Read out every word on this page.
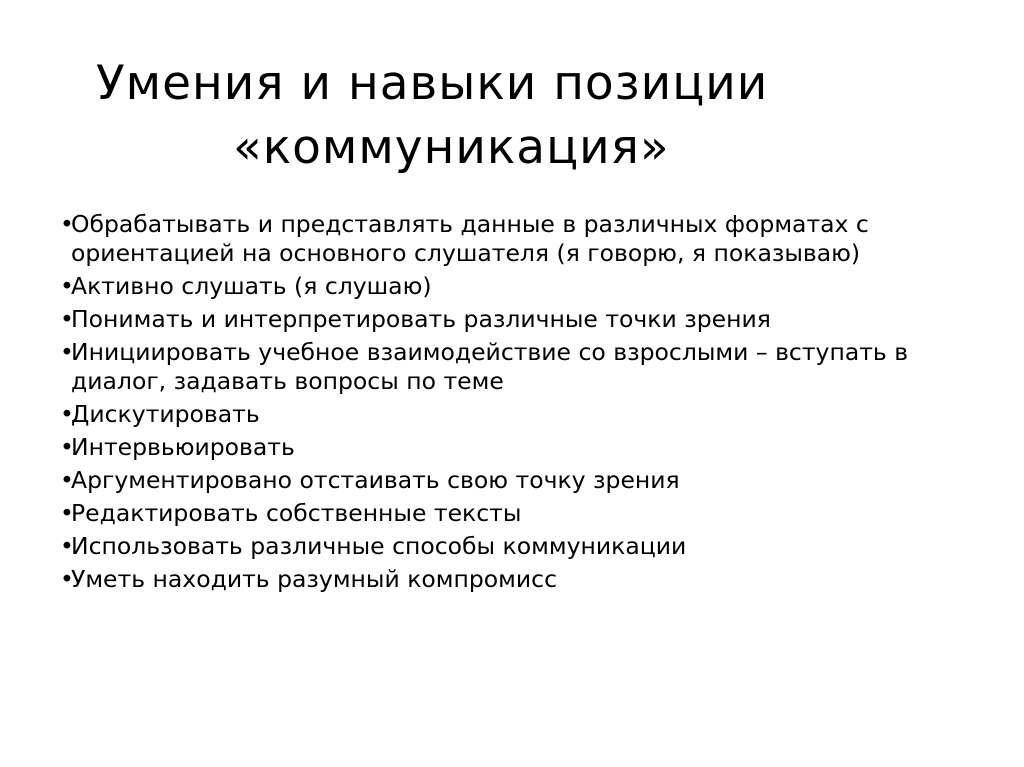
Умения и навыки позиции
«коммуникация»
•
Обрабатывать и представлять данные в различных форматах с ориентацией на основного слушателя (я говорю, я показываю)
•
Активно слушать (я слушаю)
•
Понимать и интерпретировать различные точки зрения
•
Инициировать учебное взаимодействие со взрослыми – вступать в диалог, задавать вопросы по теме
•
Дискутировать
•
Интервьюировать
•
Аргументировано отстаивать свою точку зрения
•
Редактировать собственные тексты
•
Использовать различные способы коммуникации
•
Уметь находить разумный компромисс
